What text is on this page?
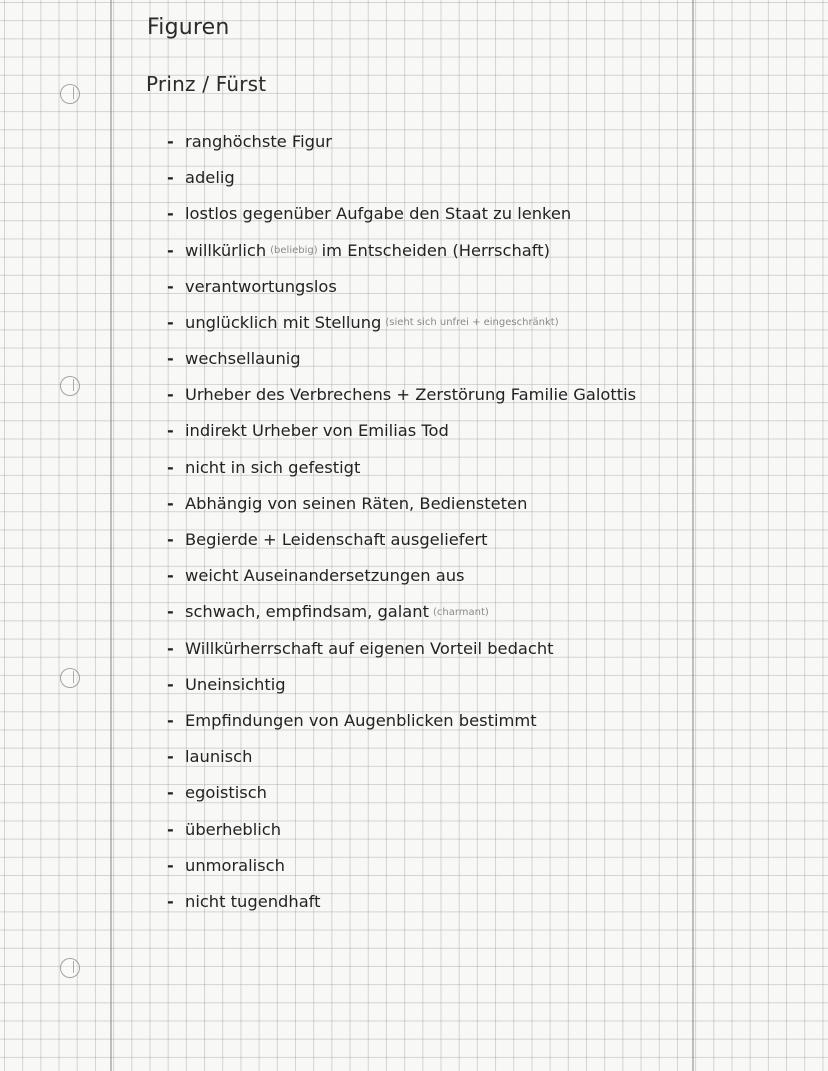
Figuren
Prinz / Fürst
- ranghöchste Figur
- adelig
- lostlos gegenüber Aufgabe den Staat zu lenken
- willkürlich (beliebig) im Entscheiden (Herrschaft)
- verantwortungslos
- unglücklich mit Stellung (sieht sich unfrei + eingeschränkt)
- wechsellaunig
- Urheber des Verbrechens + Zerstörung Familie Galottis
- indirekt Urheber von Emilias Tod
- nicht in sich gefestigt
- Abhängig von seinen Räten, Bediensteten
- Begierde + Leidenschaft ausgeliefert
- weicht Auseinandersetzungen aus
- schwach, empfindsam, galant (charmant)
- Willkürherrschaft auf eigenen Vorteil bedacht
- Uneinsichtig
- Empfindungen von Augenblicken bestimmt
- launisch
- egoistisch
- überheblich
- unmoralisch
- nicht tugendhaft
